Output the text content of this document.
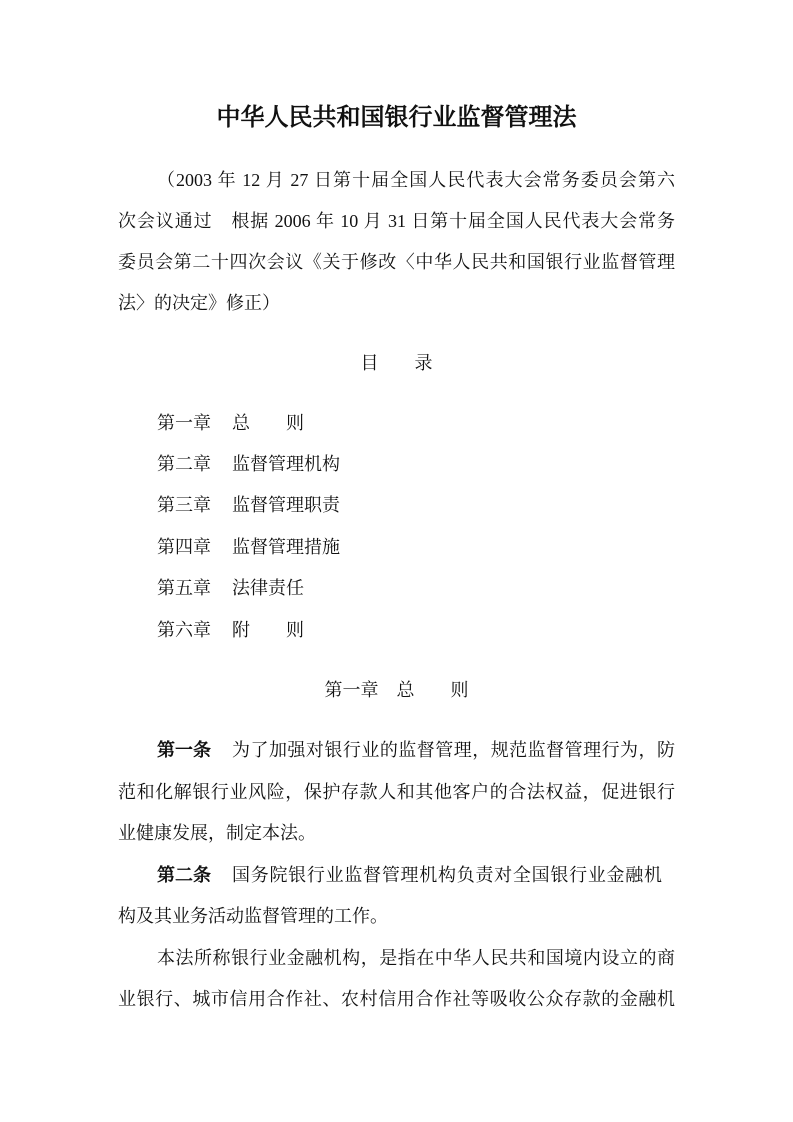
中华人民共和国银行业监督管理法
（2003 年 12 月 27 日第十届全国人民代表大会常务委员会第六
次会议通过　根据 2006 年 10 月 31 日第十届全国人民代表大会常务
委员会第二十四次会议《关于修改〈中华人民共和国银行业监督管理
法〉的决定》修正）
目　　录
第一章 总　　则
第二章 监督管理机构
第三章 监督管理职责
第四章 监督管理措施
第五章 法律责任
第六章 附　　则
第一章　总　　则
第一条	为了加强对银行业的监督管理，规范监督管理行为，防
范和化解银行业风险，保护存款人和其他客户的合法权益，促进银行
业健康发展，制定本法。
第二条	国务院银行业监督管理机构负责对全国银行业金融机
构及其业务活动监督管理的工作。
本法所称银行业金融机构，是指在中华人民共和国境内设立的商
业银行、城市信用合作社、农村信用合作社等吸收公众存款的金融机
